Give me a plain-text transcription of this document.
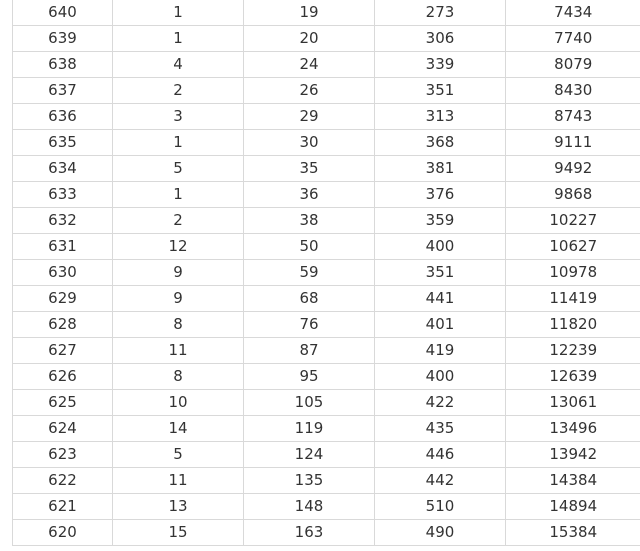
640	1	19	273	7434
639	1	20	306	7740
638	4	24	339	8079
637	2	26	351	8430
636	3	29	313	8743
635	1	30	368	9111
634	5	35	381	9492
633	1	36	376	9868
632	2	38	359	10227
631	12	50	400	10627
630	9	59	351	10978
629	9	68	441	11419
628	8	76	401	11820
627	11	87	419	12239
626	8	95	400	12639
625	10	105	422	13061
624	14	119	435	13496
623	5	124	446	13942
622	11	135	442	14384
621	13	148	510	14894
620	15	163	490	15384
